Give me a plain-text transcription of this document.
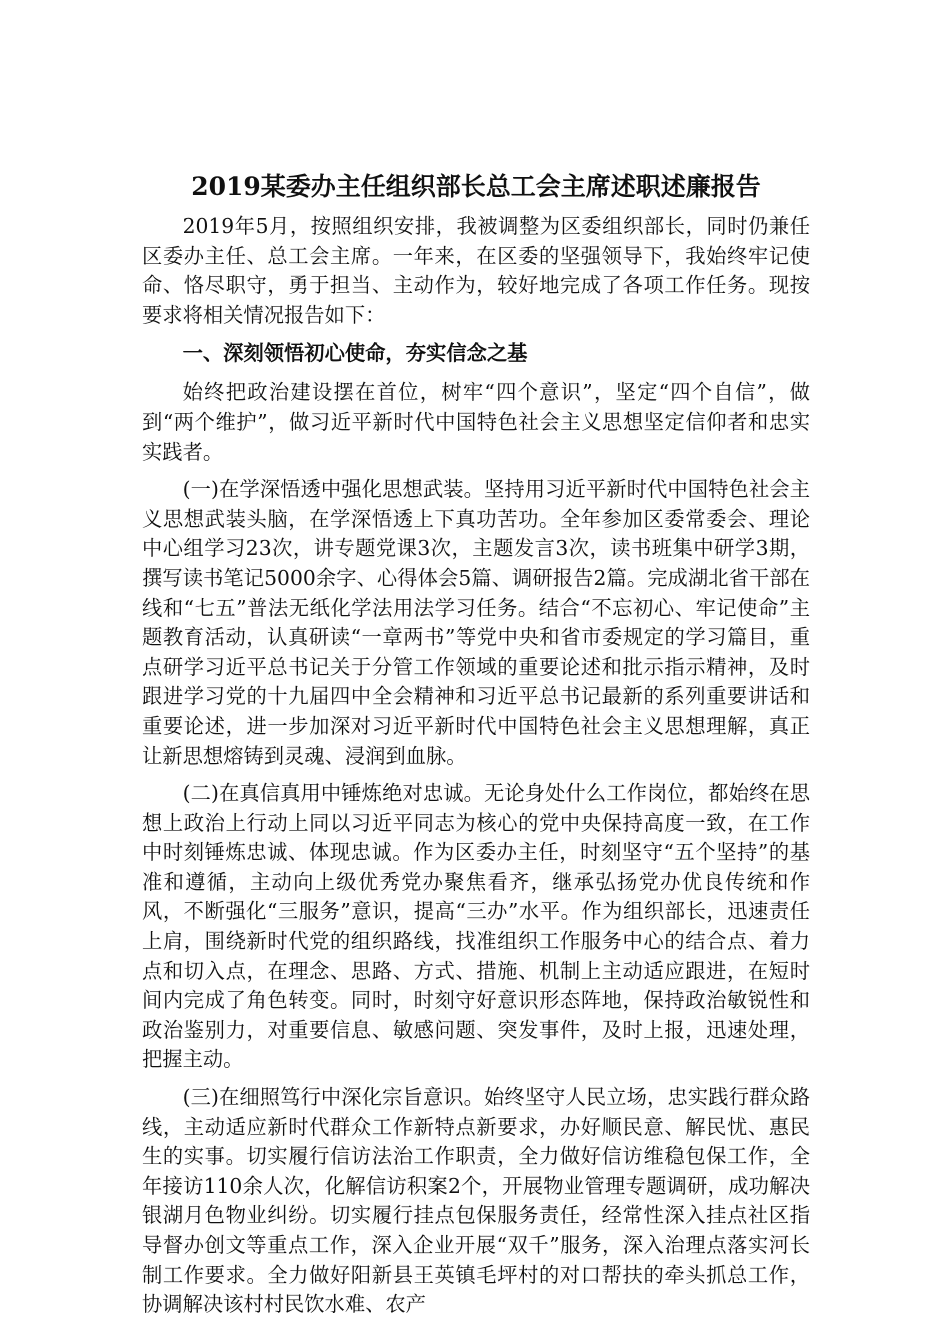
2019某委办主任组织部长总工会主席述职述廉报告

2019年5月，按照组织安排，我被调整为区委组织部长，同时仍兼任区委办主任、总工会主席。一年来，在区委的坚强领导下，我始终牢记使命、恪尽职守，勇于担当、主动作为，较好地完成了各项工作任务。现按要求将相关情况报告如下：

一、深刻领悟初心使命，夯实信念之基

始终把政治建设摆在首位，树牢“四个意识”，坚定“四个自信”，做到“两个维护”，做习近平新时代中国特色社会主义思想坚定信仰者和忠实实践者。

(一)在学深悟透中强化思想武装。坚持用习近平新时代中国特色社会主义思想武装头脑，在学深悟透上下真功苦功。全年参加区委常委会、理论中心组学习23次，讲专题党课3次，主题发言3次，读书班集中研学3期，撰写读书笔记5000余字、心得体会5篇、调研报告2篇。完成湖北省干部在线和“七五”普法无纸化学法用法学习任务。结合“不忘初心、牢记使命”主题教育活动，认真研读“一章两书”等党中央和省市委规定的学习篇目，重点研学习近平总书记关于分管工作领域的重要论述和批示指示精神，及时跟进学习党的十九届四中全会精神和习近平总书记最新的系列重要讲话和重要论述，进一步加深对习近平新时代中国特色社会主义思想理解，真正让新思想熔铸到灵魂、浸润到血脉。

(二)在真信真用中锤炼绝对忠诚。无论身处什么工作岗位，都始终在思想上政治上行动上同以习近平同志为核心的党中央保持高度一致，在工作中时刻锤炼忠诚、体现忠诚。作为区委办主任，时刻坚守“五个坚持”的基准和遵循，主动向上级优秀党办聚焦看齐，继承弘扬党办优良传统和作风，不断强化“三服务”意识，提高“三办”水平。作为组织部长，迅速责任上肩，围绕新时代党的组织路线，找准组织工作服务中心的结合点、着力点和切入点，在理念、思路、方式、措施、机制上主动适应跟进，在短时间内完成了角色转变。同时，时刻守好意识形态阵地，保持政治敏锐性和政治鉴别力，对重要信息、敏感问题、突发事件，及时上报，迅速处理，把握主动。

(三)在细照笃行中深化宗旨意识。始终坚守人民立场，忠实践行群众路线，主动适应新时代群众工作新特点新要求，办好顺民意、解民忧、惠民生的实事。切实履行信访法治工作职责，全力做好信访维稳包保工作，全年接访110余人次，化解信访积案2个，开展物业管理专题调研，成功解决银湖月色物业纠纷。切实履行挂点包保服务责任，经常性深入挂点社区指导督办创文等重点工作，深入企业开展“双千”服务，深入治理点落实河长制工作要求。全力做好阳新县王英镇毛坪村的对口帮扶的牵头抓总工作，协调解决该村村民饮水难、农产
